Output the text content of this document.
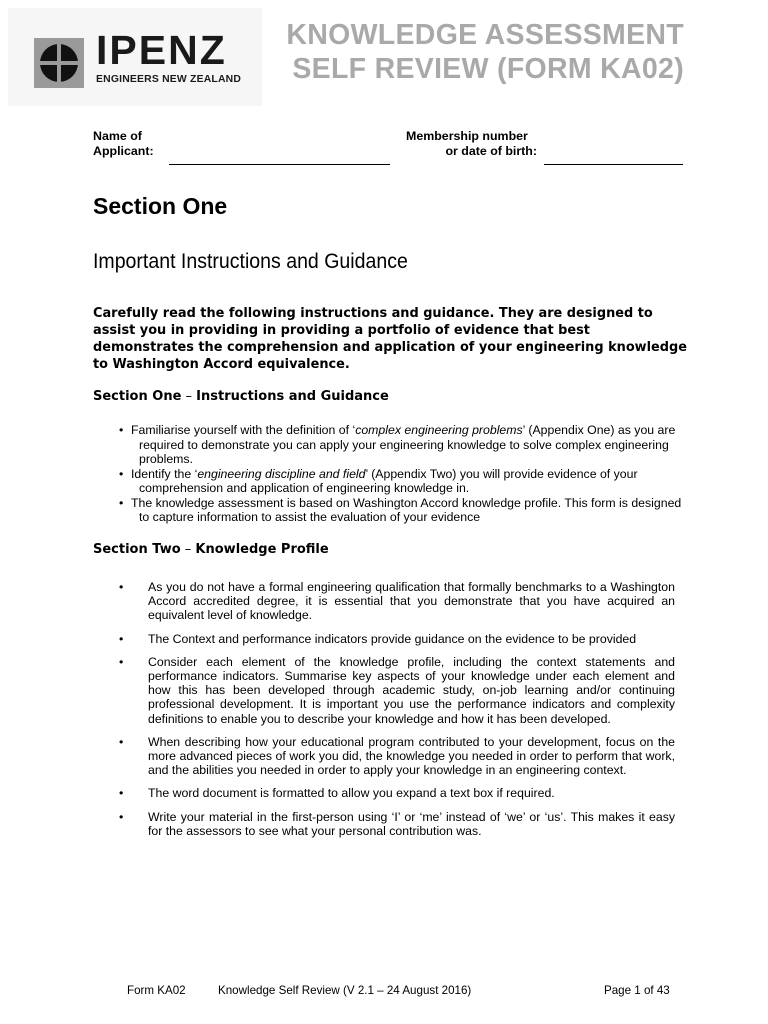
IPENZ
ENGINEERS NEW ZEALAND
KNOWLEDGE ASSESSMENT
SELF REVIEW (FORM KA02)
Name of
Applicant:
Membership number
or date of birth:
Section One
Important Instructions and Guidance
Carefully read the following instructions and guidance. They are designed to assist you in providing in providing a portfolio of evidence that best demonstrates the comprehension and application of your engineering knowledge to Washington Accord equivalence.
Section One – Instructions and Guidance
• Familiarise yourself with the definition of ‘complex engineering problems’ (Appendix One) as you are required to demonstrate you can apply your engineering knowledge to solve complex engineering problems.
• Identify the ‘engineering discipline and field’ (Appendix Two) you will provide evidence of your comprehension and application of engineering knowledge in.
• The knowledge assessment is based on Washington Accord knowledge profile. This form is designed to capture information to assist the evaluation of your evidence
Section Two – Knowledge Profile
• As you do not have a formal engineering qualification that formally benchmarks to a Washington Accord accredited degree, it is essential that you demonstrate that you have acquired an equivalent level of knowledge.
• The Context and performance indicators provide guidance on the evidence to be provided
• Consider each element of the knowledge profile, including the context statements and performance indicators. Summarise key aspects of your knowledge under each element and how this has been developed through academic study, on-job learning and/or continuing professional development. It is important you use the performance indicators and complexity definitions to enable you to describe your knowledge and how it has been developed.
• When describing how your educational program contributed to your development, focus on the more advanced pieces of work you did, the knowledge you needed in order to perform that work, and the abilities you needed in order to apply your knowledge in an engineering context.
• The word document is formatted to allow you expand a text box if required.
• Write your material in the first-person using ‘I’ or ‘me’ instead of ‘we’ or ‘us’. This makes it easy for the assessors to see what your personal contribution was.
Form KA02	Knowledge Self Review (V 2.1 – 24 August 2016)	Page 1 of 43
